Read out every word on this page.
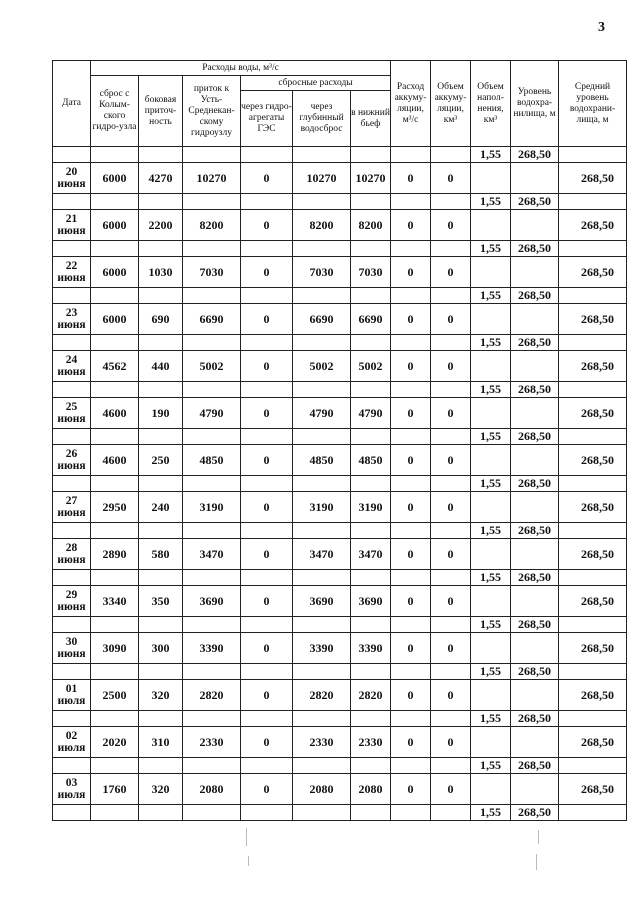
3
Дата	Расходы воды, м³/с						Расход аккуму-ляции, м³/с	Объем аккуму-ляции, км³	Объем напол-нения, км³	Уровень водохра-нилища, м	Средний уровень водохрани-лища, м
	сброс с Колым-ского гидро-узла	боковая приточ-ность	приток к Усть-Среднекан-скому гидроузлу	сбросные расходы							
				через гидро-агрегаты ГЭС	через глубинный водосброс	в нижний бьеф					
									1,55	268,50	

20
июня	6000	4270	10270	0	10270	10270	0	0			268,50
									1,55	268,50	

21
июня	6000	2200	8200	0	8200	8200	0	0			268,50
									1,55	268,50	

22
июня	6000	1030	7030	0	7030	7030	0	0			268,50
									1,55	268,50	

23
июня	6000	690	6690	0	6690	6690	0	0			268,50
									1,55	268,50	

24
июня	4562	440	5002	0	5002	5002	0	0			268,50
									1,55	268,50	

25
июня	4600	190	4790	0	4790	4790	0	0			268,50
									1,55	268,50	

26
июня	4600	250	4850	0	4850	4850	0	0			268,50
									1,55	268,50	

27
июня	2950	240	3190	0	3190	3190	0	0			268,50
									1,55	268,50	

28
июня	2890	580	3470	0	3470	3470	0	0			268,50
									1,55	268,50	

29
июня	3340	350	3690	0	3690	3690	0	0			268,50
									1,55	268,50	

30
июня	3090	300	3390	0	3390	3390	0	0			268,50
									1,55	268,50	

01
июля	2500	320	2820	0	2820	2820	0	0			268,50
									1,55	268,50	

02
июля	2020	310	2330	0	2330	2330	0	0			268,50
									1,55	268,50	

03
июля	1760	320	2080	0	2080	2080	0	0			268,50
									1,55	268,50	
